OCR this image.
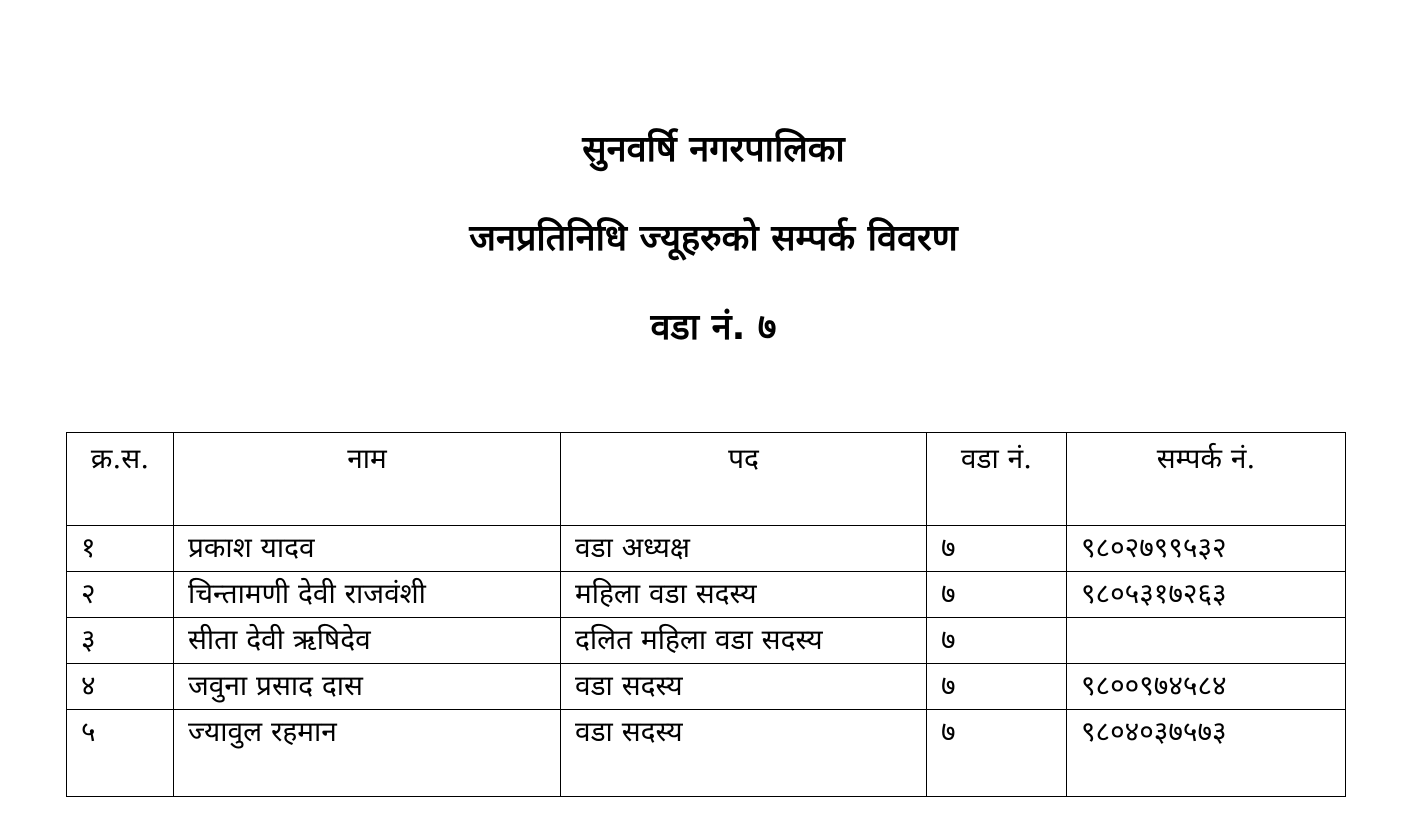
सुनवर्षि नगरपालिका
जनप्रतिनिधि ज्यूहरुको सम्पर्क विवरण
वडा नं. ७
क्र.स.	नाम	पद	वडा नं.	सम्पर्क नं.
१	प्रकाश यादव	वडा अध्यक्ष	७	९८०२७९९५३२
२	चिन्तामणी देवी राजवंशी	महिला वडा सदस्य	७	९८०५३१७२६३
३	सीता देवी ऋषिदेव	दलित महिला वडा सदस्य	७	
४	जवुना प्रसाद दास	वडा सदस्य	७	९८००९७४५८४
५	ज्यावुल रहमान	वडा सदस्य	७	९८०४०३७५७३
